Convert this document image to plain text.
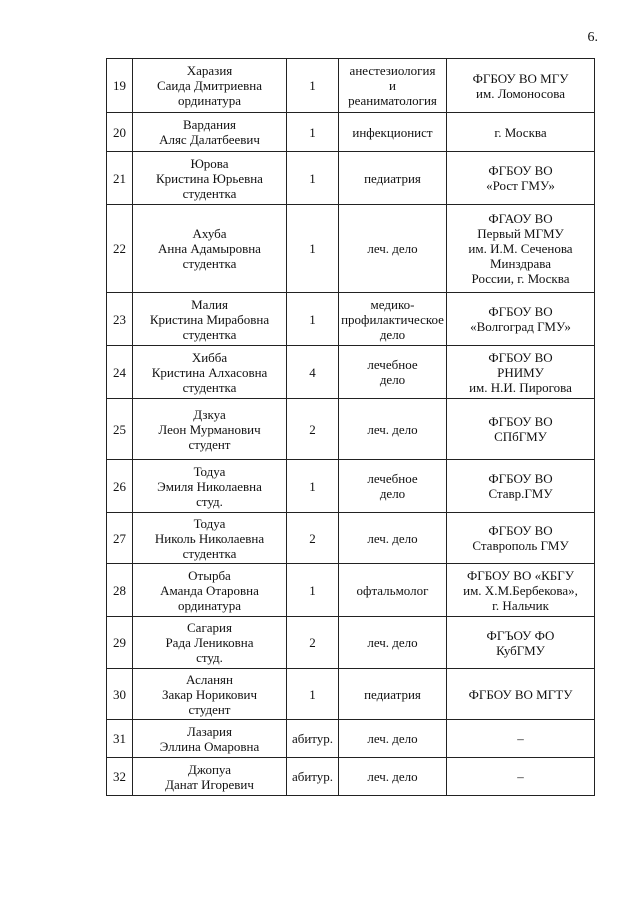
6.
19	Харазия
Саида Дмитриевна
ординатура	1	анестезиология
и
реаниматология	ФГБОУ ВО МГУ
им. Ломоносова

20	Вардания
Аляс Далатбеевич	1	инфекционист	г. Москва

21	Юрова
Кристина Юрьевна
студентка	1	педиатрия	ФГБОУ ВО
«Рост ГМУ»

22	Ахуба
Анна Адамыровна
студентка	1	леч. дело	ФГАОУ ВО
Первый МГМУ
им. И.М. Сеченова
Минздрава
России, г. Москва

23	Малия
Кристина Мирабовна
студентка	1	медико-
профилактическое
дело	ФГБОУ ВО
«Волгоград ГМУ»

24	Хибба
Кристина Алхасовна
студентка	4	лечебное
дело	ФГБОУ ВО
РНИМУ
им. Н.И. Пирогова

25	Дзкуа
Леон Мурманович
студент	2	леч. дело	ФГБОУ ВО
СПбГМУ

26	Тодуа
Эмиля Николаевна
студ.	1	лечебное
дело	ФГБОУ ВО
Ставр.ГМУ

27	Тодуа
Николь Николаевна
студентка	2	леч. дело	ФГБОУ ВО
Ставрополь ГМУ

28	Отырба
Аманда Отаровна
ординатура	1	офтальмолог	ФГБОУ ВО «КБГУ
им. Х.М.Бербекова»,
г. Нальчик

29	Сагария
Рада Лениковна
студ.	2	леч. дело	ФГЪОУ ФО
КубГМУ

30	Асланян
Закар Норикович
студент	1	педиатрия	ФГБОУ ВО МГТУ

31	Лазария
Эллина Омаровна	абитур.	леч. дело	–

32	Джопуа
Данат Игоревич	абитур.	леч. дело	–
